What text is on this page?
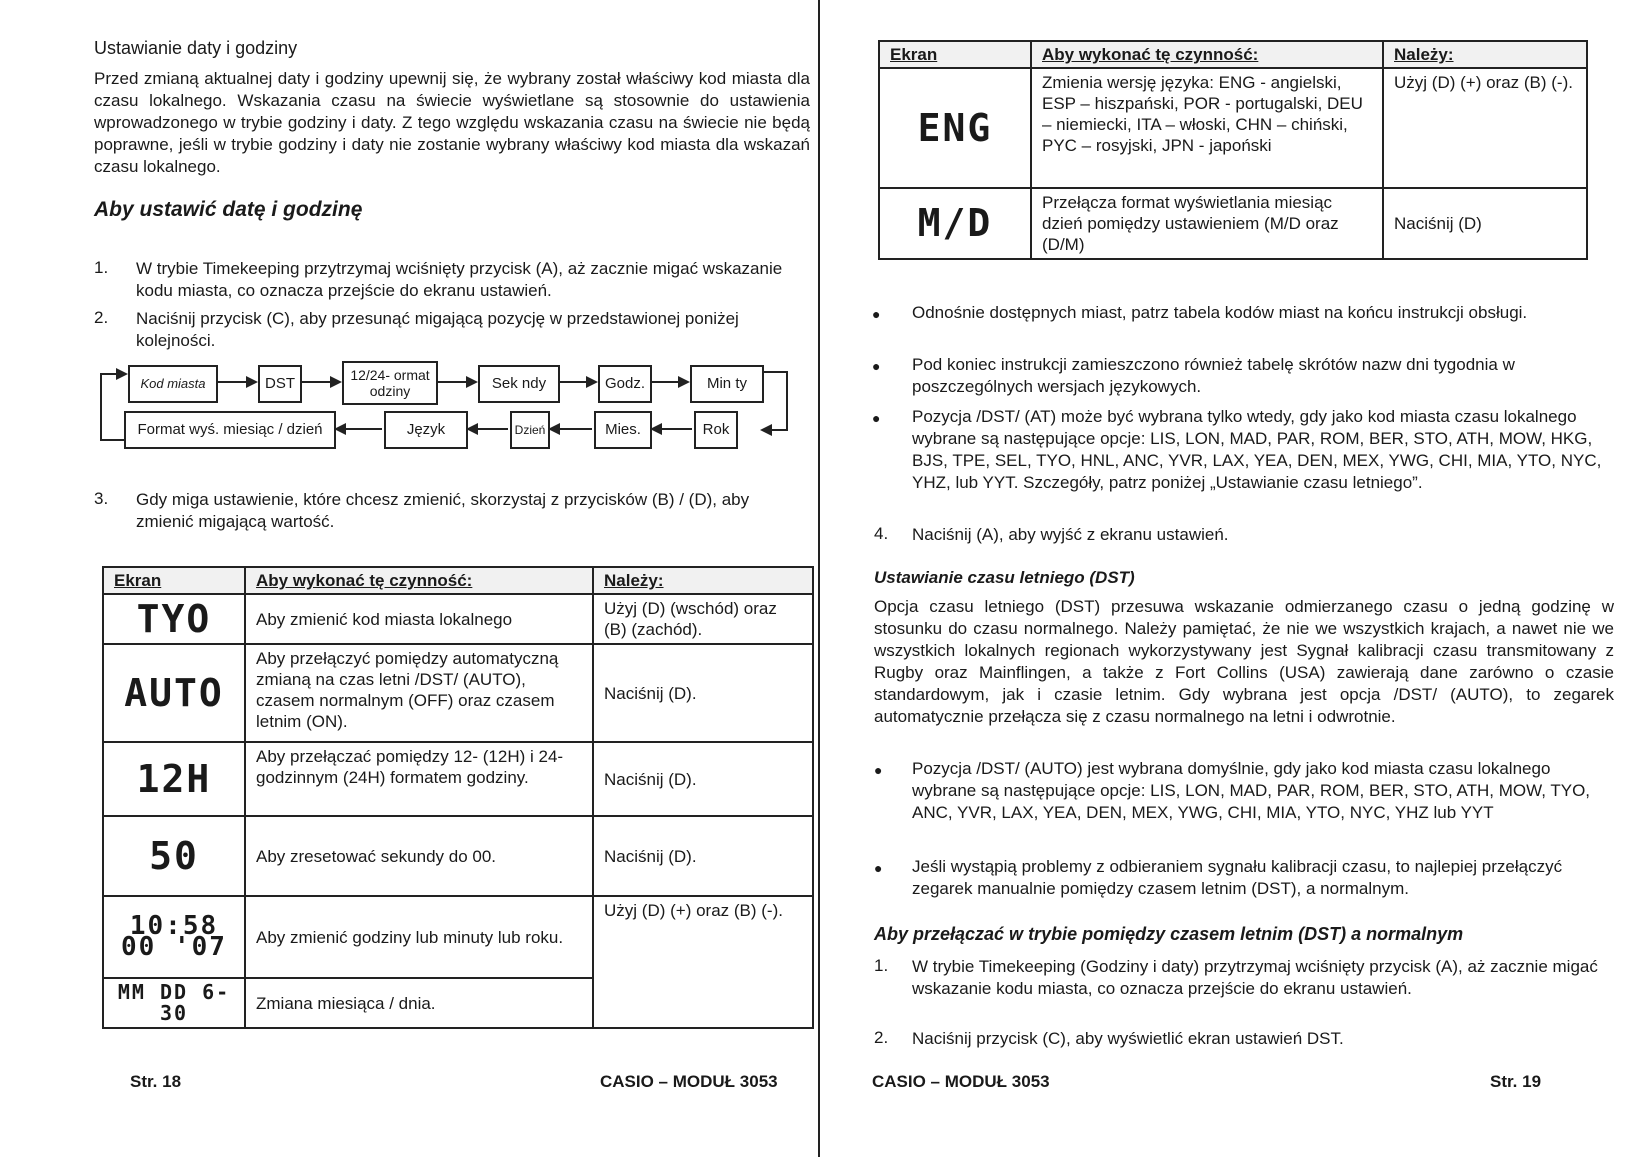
Ustawianie daty i godziny
Przed zmianą aktualnej daty i godziny upewnij się, że wybrany został właściwy kod miasta dla czasu lokalnego. Wskazania czasu na świecie wyświetlane są stosownie do ustawienia wprowadzonego w trybie godziny i daty. Z tego względu wskazania czasu na świecie nie będą poprawne, jeśli w trybie godziny i daty nie zostanie wybrany właściwy kod miasta dla wskazań czasu lokalnego.
Aby ustawić datę i godzinę
1. W trybie Timekeeping przytrzymaj wciśnięty przycisk (A), aż zacznie migać wskazanie kodu miasta, co oznacza przejście do ekranu ustawień.
2. Naciśnij przycisk (C), aby przesunąć migającą pozycję w przedstawionej poniżej kolejności.
Kod miasta	DST	12/24- ormat odziny	Sek ndy	Godz.	Min ty
Format wyś. miesiąc / dzień	Język	Dzień	Mies.	Rok
3. Gdy miga ustawienie, które chcesz zmienić, skorzystaj z przycisków (B) / (D), aby zmienić migającą wartość.
Ekran	Aby wykonać tę czynność:	Należy:
TYO	Aby zmienić kod miasta lokalnego	Użyj (D) (wschód) oraz (B) (zachód).
AUTO	Aby przełączyć pomiędzy automatyczną zmianą na czas letni /DST/ (AUTO), czasem normalnym (OFF) oraz czasem letnim (ON).	Naciśnij (D).
12H	Aby przełączać pomiędzy 12- (12H) i 24-godzinnym (24H) formatem godziny.	Naciśnij (D).
50	Aby zresetować sekundy do 00.	Naciśnij (D).
10:58 00 '07	Aby zmienić godziny lub minuty lub roku.	Użyj (D) (+) oraz (B) (-).
MM DD 6-30	Zmiana miesiąca / dnia.	
Str. 18	CASIO – MODUŁ 3053
Ekran	Aby wykonać tę czynność:	Należy:
ENG	Zmienia wersję języka: ENG - angielski, ESP – hiszpański, POR - portugalski, DEU – niemiecki, ITA – włoski, CHN – chiński, PYC – rosyjski, JPN - japoński	Użyj (D) (+) oraz (B) (-).
M/D	Przełącza format wyświetlania miesiąc dzień pomiędzy ustawieniem (M/D oraz (D/M)	Naciśnij (D)
● Odnośnie dostępnych miast, patrz tabela kodów miast na końcu instrukcji obsługi.
● Pod koniec instrukcji zamieszczono również tabelę skrótów nazw dni tygodnia w poszczególnych wersjach językowych.
● Pozycja /DST/ (AT) może być wybrana tylko wtedy, gdy jako kod miasta czasu lokalnego wybrane są następujące opcje: LIS, LON, MAD, PAR, ROM, BER, STO, ATH, MOW, HKG, BJS, TPE, SEL, TYO, HNL, ANC, YVR, LAX, YEA, DEN, MEX, YWG, CHI, MIA, YTO, NYC, YHZ, lub YYT. Szczegóły, patrz poniżej „Ustawianie czasu letniego”.
4. Naciśnij (A), aby wyjść z ekranu ustawień.
Ustawianie czasu letniego (DST)
Opcja czasu letniego (DST) przesuwa wskazanie odmierzanego czasu o jedną godzinę w stosunku do czasu normalnego. Należy pamiętać, że nie we wszystkich krajach, a nawet nie we wszystkich lokalnych regionach wykorzystywany jest Sygnał kalibracji czasu transmitowany z Rugby oraz Mainflingen, a także z Fort Collins (USA) zawierają dane zarówno o czasie standardowym, jak i czasie letnim. Gdy wybrana jest opcja /DST/ (AUTO), to zegarek automatycznie przełącza się z czasu normalnego na letni i odwrotnie.
● Pozycja /DST/ (AUTO) jest wybrana domyślnie, gdy jako kod miasta czasu lokalnego wybrane są następujące opcje: LIS, LON, MAD, PAR, ROM, BER, STO, ATH, MOW, TYO, ANC, YVR, LAX, YEA, DEN, MEX, YWG, CHI, MIA, YTO, NYC, YHZ lub YYT
● Jeśli wystąpią problemy z odbieraniem sygnału kalibracji czasu, to najlepiej przełączyć zegarek manualnie pomiędzy czasem letnim (DST), a normalnym.
Aby przełączać w trybie pomiędzy czasem letnim (DST) a normalnym
1. W trybie Timekeeping (Godziny i daty) przytrzymaj wciśnięty przycisk (A), aż zacznie migać wskazanie kodu miasta, co oznacza przejście do ekranu ustawień.
2. Naciśnij przycisk (C), aby wyświetlić ekran ustawień DST.
CASIO – MODUŁ 3053	Str. 19
